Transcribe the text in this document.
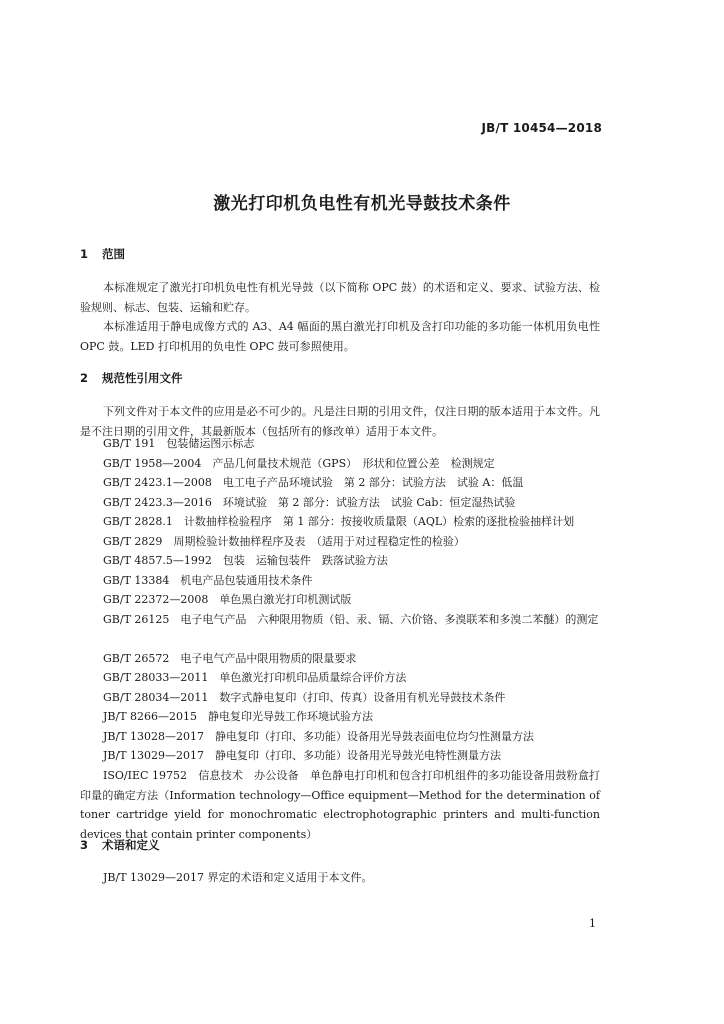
JB/T 10454—2018
激光打印机负电性有机光导鼓技术条件
1 范围

本标准规定了激光打印机负电性有机光导鼓（以下简称 OPC 鼓）的术语和定义、要求、试验方法、检验规则、标志、包装、运输和贮存。

本标准适用于静电成像方式的 A3、A4 幅面的黑白激光打印机及含打印功能的多功能一体机用负电性 OPC 鼓。LED 打印机用的负电性 OPC 鼓可参照使用。

2 规范性引用文件

下列文件对于本文件的应用是必不可少的。凡是注日期的引用文件，仅注日期的版本适用于本文件。凡是不注日期的引用文件，其最新版本（包括所有的修改单）适用于本文件。

GB/T 191　包装储运图示标志
GB/T 1958—2004　产品几何量技术规范（GPS）　形状和位置公差　检测规定
GB/T 2423.1—2008　电工电子产品环境试验　第 2 部分：试验方法　试验 A：低温
GB/T 2423.3—2016　环境试验　第 2 部分：试验方法　试验 Cab：恒定湿热试验
GB/T 2828.1　计数抽样检验程序　第 1 部分：按接收质量限（AQL）检索的逐批检验抽样计划
GB/T 2829　周期检验计数抽样程序及表　（适用于对过程稳定性的检验）
GB/T 4857.5—1992　包装　运输包装件　跌落试验方法
GB/T 13384　机电产品包装通用技术条件
GB/T 22372—2008　单色黑白激光打印机测试版

GB/T 26125　电子电气产品　六种限用物质（铅、汞、镉、六价铬、多溴联苯和多溴二苯醚）的测定

GB/T 26572　电子电气产品中限用物质的限量要求
GB/T 28033—2011　单色激光打印机印品质量综合评价方法
GB/T 28034—2011　数字式静电复印（打印、传真）设备用有机光导鼓技术条件
JB/T 8266—2015　静电复印光导鼓工作环境试验方法
JB/T 13028—2017　静电复印（打印、多功能）设备用光导鼓表面电位均匀性测量方法
JB/T 13029—2017　静电复印（打印、多功能）设备用光导鼓光电特性测量方法

ISO/IEC 19752　信息技术　办公设备　单色静电打印机和包含打印机组件的多功能设备用鼓粉盒打印量的确定方法（Information technology—Office equipment—Method for the determination of toner cartridge yield for monochromatic electrophotographic printers and multi-function devices that contain printer components）

3 术语和定义
JB/T 13029—2017 界定的术语和定义适用于本文件。
1
